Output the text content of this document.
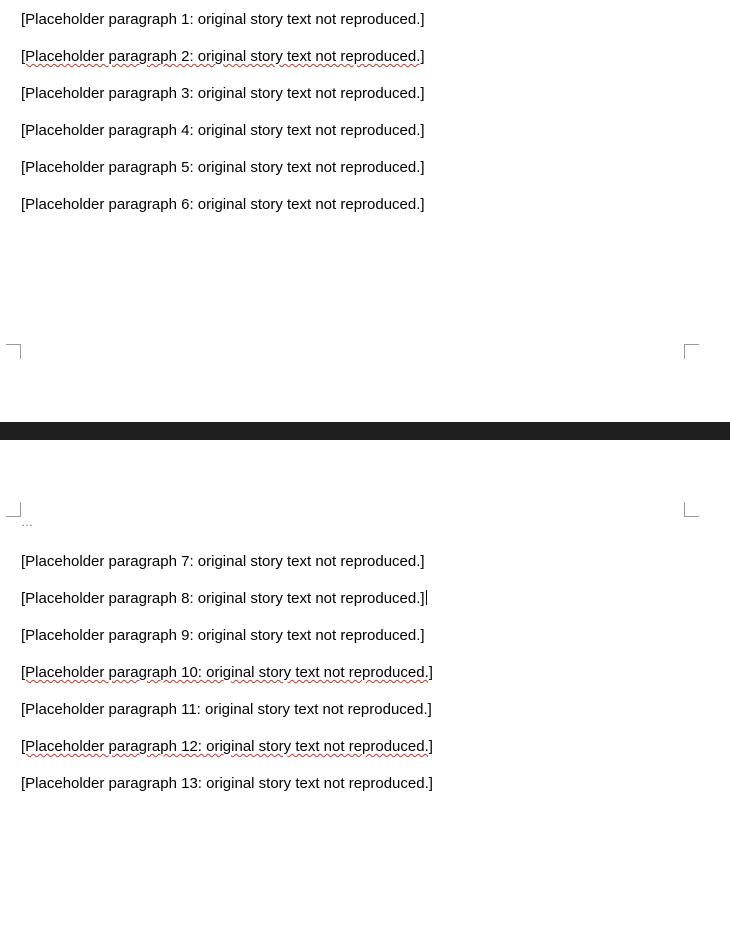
[Placeholder paragraph 1: original story text not reproduced.]

[Placeholder paragraph 2: original story text not reproduced.]

[Placeholder paragraph 3: original story text not reproduced.]

[Placeholder paragraph 4: original story text not reproduced.]

[Placeholder paragraph 5: original story text not reproduced.]

[Placeholder paragraph 6: original story text not reproduced.]

[Placeholder paragraph 7: original story text not reproduced.]

[Placeholder paragraph 8: original story text not reproduced.]

[Placeholder paragraph 9: original story text not reproduced.]

[Placeholder paragraph 10: original story text not reproduced.]

[Placeholder paragraph 11: original story text not reproduced.]

[Placeholder paragraph 12: original story text not reproduced.]

[Placeholder paragraph 13: original story text not reproduced.]

…
